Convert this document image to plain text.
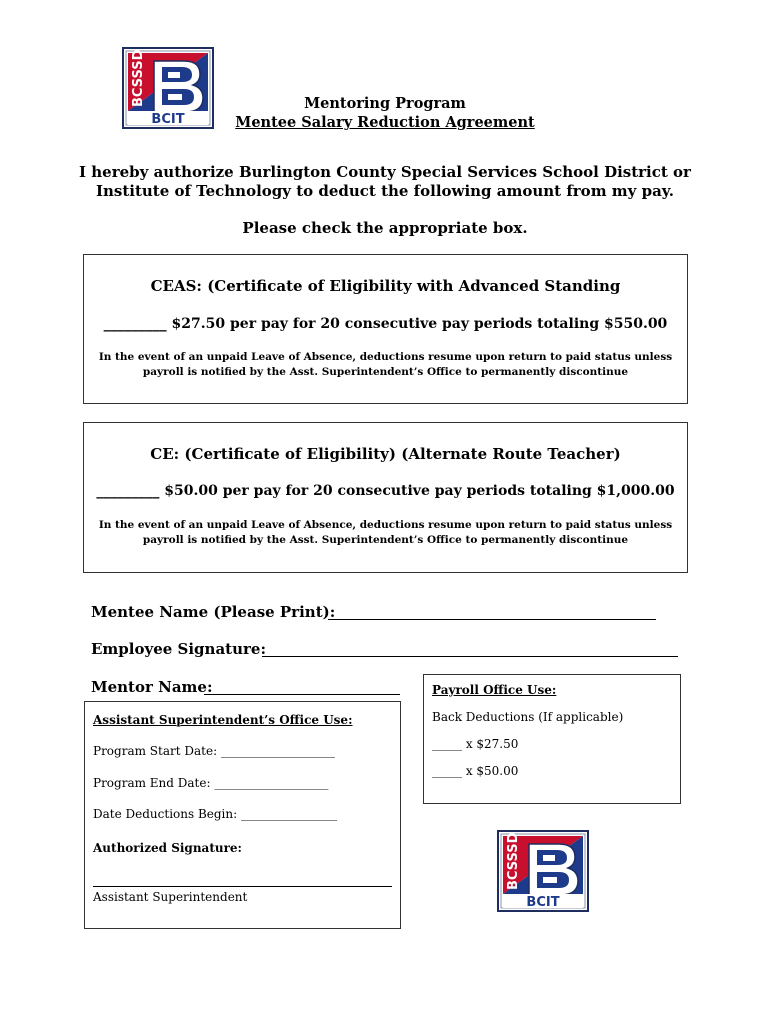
BCSSSD
BCIT
Mentoring Program
Mentee Salary Reduction Agreement
I hereby authorize Burlington County Special Services School District or
Institute of Technology to deduct the following amount from my pay.
Please check the appropriate box.
CEAS: (Certificate of Eligibility with Advanced Standing
_________ $27.50 per pay for 20 consecutive pay periods totaling $550.00
In the event of an unpaid Leave of Absence, deductions resume upon return to paid status unless
payroll is notified by the Asst. Superintendent’s Office to permanently discontinue
CE: (Certificate of Eligibility) (Alternate Route Teacher)
_________ $50.00 per pay for 20 consecutive pay periods totaling $1,000.00
In the event of an unpaid Leave of Absence, deductions resume upon return to paid status unless
payroll is notified by the Asst. Superintendent’s Office to permanently discontinue
Mentee Name (Please Print):
Employee Signature:
Mentor Name:	Payroll Office Use:
Back Deductions (If applicable)
_____ x $27.50
_____ x $50.00
Assistant Superintendent’s Office Use:
Program Start Date: ___________________
Program End Date: ___________________
Date Deductions Begin: ________________
Authorized Signature:
Assistant Superintendent
BCSSSD
BCIT
